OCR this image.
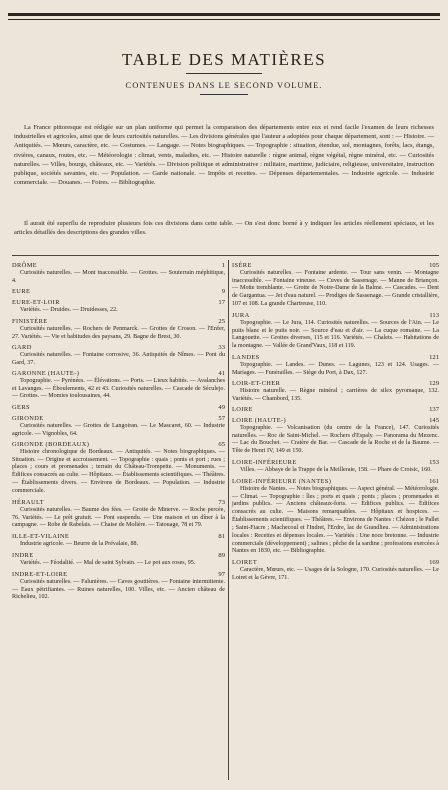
TABLE DES MATIÈRES
CONTENUES DANS LE SECOND VOLUME.

La France pittoresque est rédigée sur un plan uniforme qui permet la comparaison des départements entre eux et rend facile l'examen de leurs richesses industrielles et agricoles, ainsi que de leurs curiosités naturelles. — Les divisions générales que l'auteur a adoptées pour chaque département, sont : — Histoire. — Antiquités. — Mœurs, caractère, etc. — Costumes. — Langage. — Notes biographiques. — Topographie : situation, étendue, sol, montagnes, forêts, lacs, étangs, rivières, canaux, routes, etc. — Météorologie : climat, vents, maladies, etc. — Histoire naturelle : règne animal, règne végétal, règne minéral, etc. — Curiosités naturelles. — Villes, bourgs, châteaux, etc. — Variétés. — Division politique et administrative : militaire, maritime, judiciaire, religieuse, universitaire, instruction publique, sociétés savantes, etc. — Population. — Garde nationale. — Impôts et recettes. — Dépenses départementales. — Industrie agricole. — Industrie commerciale. — Douanes. — Foires. — Bibliographie.

Il aurait été superflu de reproduire plusieurs fois ces divisions dans cette table. — On s'est donc borné à y indiquer les articles réellement spéciaux, et les articles détaillés des descriptions des grandes villes.

DRÔME	1

Curiosités naturelles. — Mont inaccessible. — Grottes. — Souterrain méphitique, 4.

EURE	9
EURE-ET-LOIR	17

Variétés. — Druides. — Druidesses, 22.

FINISTÈRE	25

Curiosités naturelles. — Rochers de Penmarck. — Grottes de Croson. — l'Enfer, 27. Variétés. — Vie et habitudes des paysans, 29. Bagne de Brest, 30.

GARD	33

Curiosités naturelles. — Fontaine corrosive, 36. Antiquités de Nîmes. — Pont du Gard, 37.

GARONNE (HAUTE-)	41

Topographie. — Pyrénées. — Élévations. — Ports. — Lieux habités. — Avalanches et Lavanges. — Éboulements, 42 et 43. Curiosités naturelles. — Cascade de Séculejo. — Grottes. — Momies toulousaines, 44.

GERS	49
GIRONDE	57

Curiosités naturelles. — Grottes de Langoiran. — Le Mascaret, 60. — Industrie agricole. — Vignobles, 64.

GIRONDE (BORDEAUX)	65

Histoire chronologique de Bordeaux. — Antiquités. — Notes biographiques. — Situation. — Origine et accroissement. — Topographie : quais ; ponts et port ; rues ; places ; cours et promenades ; terrain du Château-Trompette. — Monuments. — Édifices consacrés au culte. — Hôpitaux. — Établissements scientifiques. — Théâtres. — Établissements divers. — Environs de Bordeaux. — Population. — Industrie commerciale.

HÉRAULT	73

Curiosités naturelles. — Baume des fées. — Grotte de Minerve. — Roche percée, 76. Variétés. — Le prêt gratuit. — Pont suspendu. — Une maison et un dîner à la campagne. — Robe de Rabelais. — Chaise de Molière. — Tatouage, 78 et 79.

ILLE-ET-VILAINE	81

Industrie agricole. — Beurre de la Prévalaie, 88.

INDRE	89

Variétés. — Féodalité. — Mal de saint Sylvain. — Le pot aux roses, 95.

INDRE-ET-LOIRE	97

Curiosités naturelles. — Falunières. — Caves gouttières. — Fontaine intermittente. — Eaux pétrifiantes. — Ruines naturelles, 100. Villes, etc. — Ancien château de Richelieu, 102.

ISÈRE	105

Curiosités naturelles. — Fontaine ardente. — Tour sans venin. — Montagne inaccessible. — Fontaine vineuse. — Cuves de Sassenage. — Manne de Briançon. — Motte tremblante. — Grotte de Notre-Dame de la Balme. — Cascades. — Dent de Gargantua. — Jet d'eau naturel. — Prodiges de Sassenage. — Grande cristallière, 107 et 108. La grande Chartreuse, 110.

JURA	113

Topographie. — Le Jura, 114. Curiosités naturelles. — Sources de l'Ain. — Le puits blanc et le puits noir. — Source d'eau et d'air. — La cuque romaine. — La Langouette. — Grottes diverses, 115 et 116. Variétés. — Chalets. — Habitations de la montagne. — Vallée de Grand'Vaux, 118 et 119.

LANDES	121

Topographie. — Landes. — Dunes. — Lagunes, 123 et 124. Usages. — Mariages. — Funérailles. — Siège du Port, à Dax, 127.

LOIR-ET-CHER	129

Histoire naturelle. — Règne minéral ; carrières de silex pyromaque, 132. Variétés. — Chambord, 135.

LOIRE	137
LOIRE (HAUTE-)	145

Topographie. — Volcanisation (du centre de la France), 147. Curiosités naturelles. — Roc de Saint-Michel. — Rochers d'Espaly. — Panorama du Mezenc. — Lac du Bouchet. — Cratère de Bar. — Cascade de la Roche et de la Baume. — Tête de Henri IV, 149 et 150.

LOIRE-INFÉRIEURE	153

Villes. — Abbaye de la Trappe de la Meilleraie, 158. — Phare de Croisic, 160.

LOIRE-INFÉRIEURE (NANTES)	161

Histoire de Nantes. — Notes biographiques. — Aspect général. — Météorologie. — Climat. — Topographie : îles ; ports et quais ; ponts ; places ; promenades et jardins publics. — Anciens châteaux-forts. — Édifices publics. — Édifices consacrés au culte. — Maisons remarquables. — Hôpitaux et hospices. — Établissements scientifiques. — Théâtres. — Environs de Nantes : Chézon ; le Pallet ; Saint-Fiacre ; Machecoul et l'Indret, l'Erdre, lac de Grandlieu. — Administrations locales : Recettes et dépenses locales. — Variétés : Une noce bretonne. — Industrie commerciale (développement) ; salines ; pêche de la sardine ; professions exercées à Nantes en 1830, etc. — Bibliographie.

LOIRET	169

Caractère, Mœurs, etc. — Usages de la Sologne, 170. Curiosités naturelles. — Le Loiret et la Gèvre, 171.
